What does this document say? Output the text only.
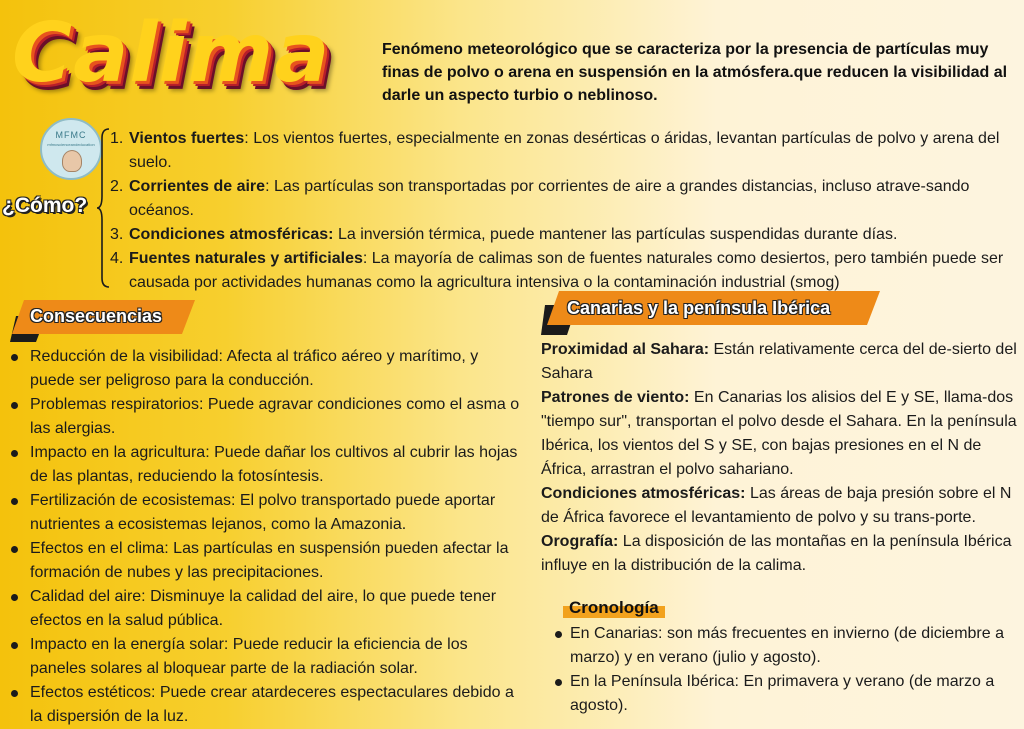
Calima	Fenómeno meteorológico que se caracteriza por la presencia de partículas muy finas de polvo o arena en suspensión en la atmósfera.que reducen la visibilidad al darle un aspecto turbio o neblinoso.
MFMC
mfmcscienceandeducation
¿Cómo?
1. Vientos fuertes: Los vientos fuertes, especialmente en zonas desérticas o áridas, levantan partículas de polvo y arena del suelo.
2. Corrientes de aire: Las partículas son transportadas por corrientes de aire a grandes distancias, incluso atrave-sando océanos.
3. Condiciones atmosféricas: La inversión térmica, puede mantener las partículas suspendidas durante días.
4. Fuentes naturales y artificiales: La mayoría de calimas son de fuentes naturales como desiertos, pero también puede ser causada por actividades humanas como la agricultura intensiva o la contaminación industrial (smog)
Consecuencias
Reducción de la visibilidad: Afecta al tráfico aéreo y marítimo, y puede ser peligroso para la conducción.
Problemas respiratorios: Puede agravar condiciones como el asma o las alergias.
Impacto en la agricultura: Puede dañar los cultivos al cubrir las hojas de las plantas, reduciendo la fotosíntesis.
Fertilización de ecosistemas: El polvo transportado puede aportar nutrientes a ecosistemas lejanos, como la Amazonia.
Efectos en el clima: Las partículas en suspensión pueden afectar la formación de nubes y las precipitaciones.
Calidad del aire: Disminuye la calidad del aire, lo que puede tener efectos en la salud pública.
Impacto en la energía solar: Puede reducir la eficiencia de los paneles solares al bloquear parte de la radiación solar.
Efectos estéticos: Puede crear atardeceres espectaculares debido a la dispersión de la luz.
Canarias y la península Ibérica

Proximidad al Sahara: Están relativamente cerca del de-sierto del Sahara

Patrones de viento: En Canarias los alisios del E y SE, llama-dos "tiempo sur", transportan el polvo desde el Sahara. En la península Ibérica, los vientos del S y SE, con bajas presiones en el N de África, arrastran el polvo sahariano.

Condiciones atmosféricas: Las áreas de baja presión sobre el N de África favorece el levantamiento de polvo y su trans-porte.

Orografía: La disposición de las montañas en la península Ibérica influye en la distribución de la calima.

Cronología
En Canarias: son más frecuentes en invierno (de diciembre a marzo) y en verano (julio y agosto).
En la Península Ibérica: En primavera y verano (de marzo a agosto).
